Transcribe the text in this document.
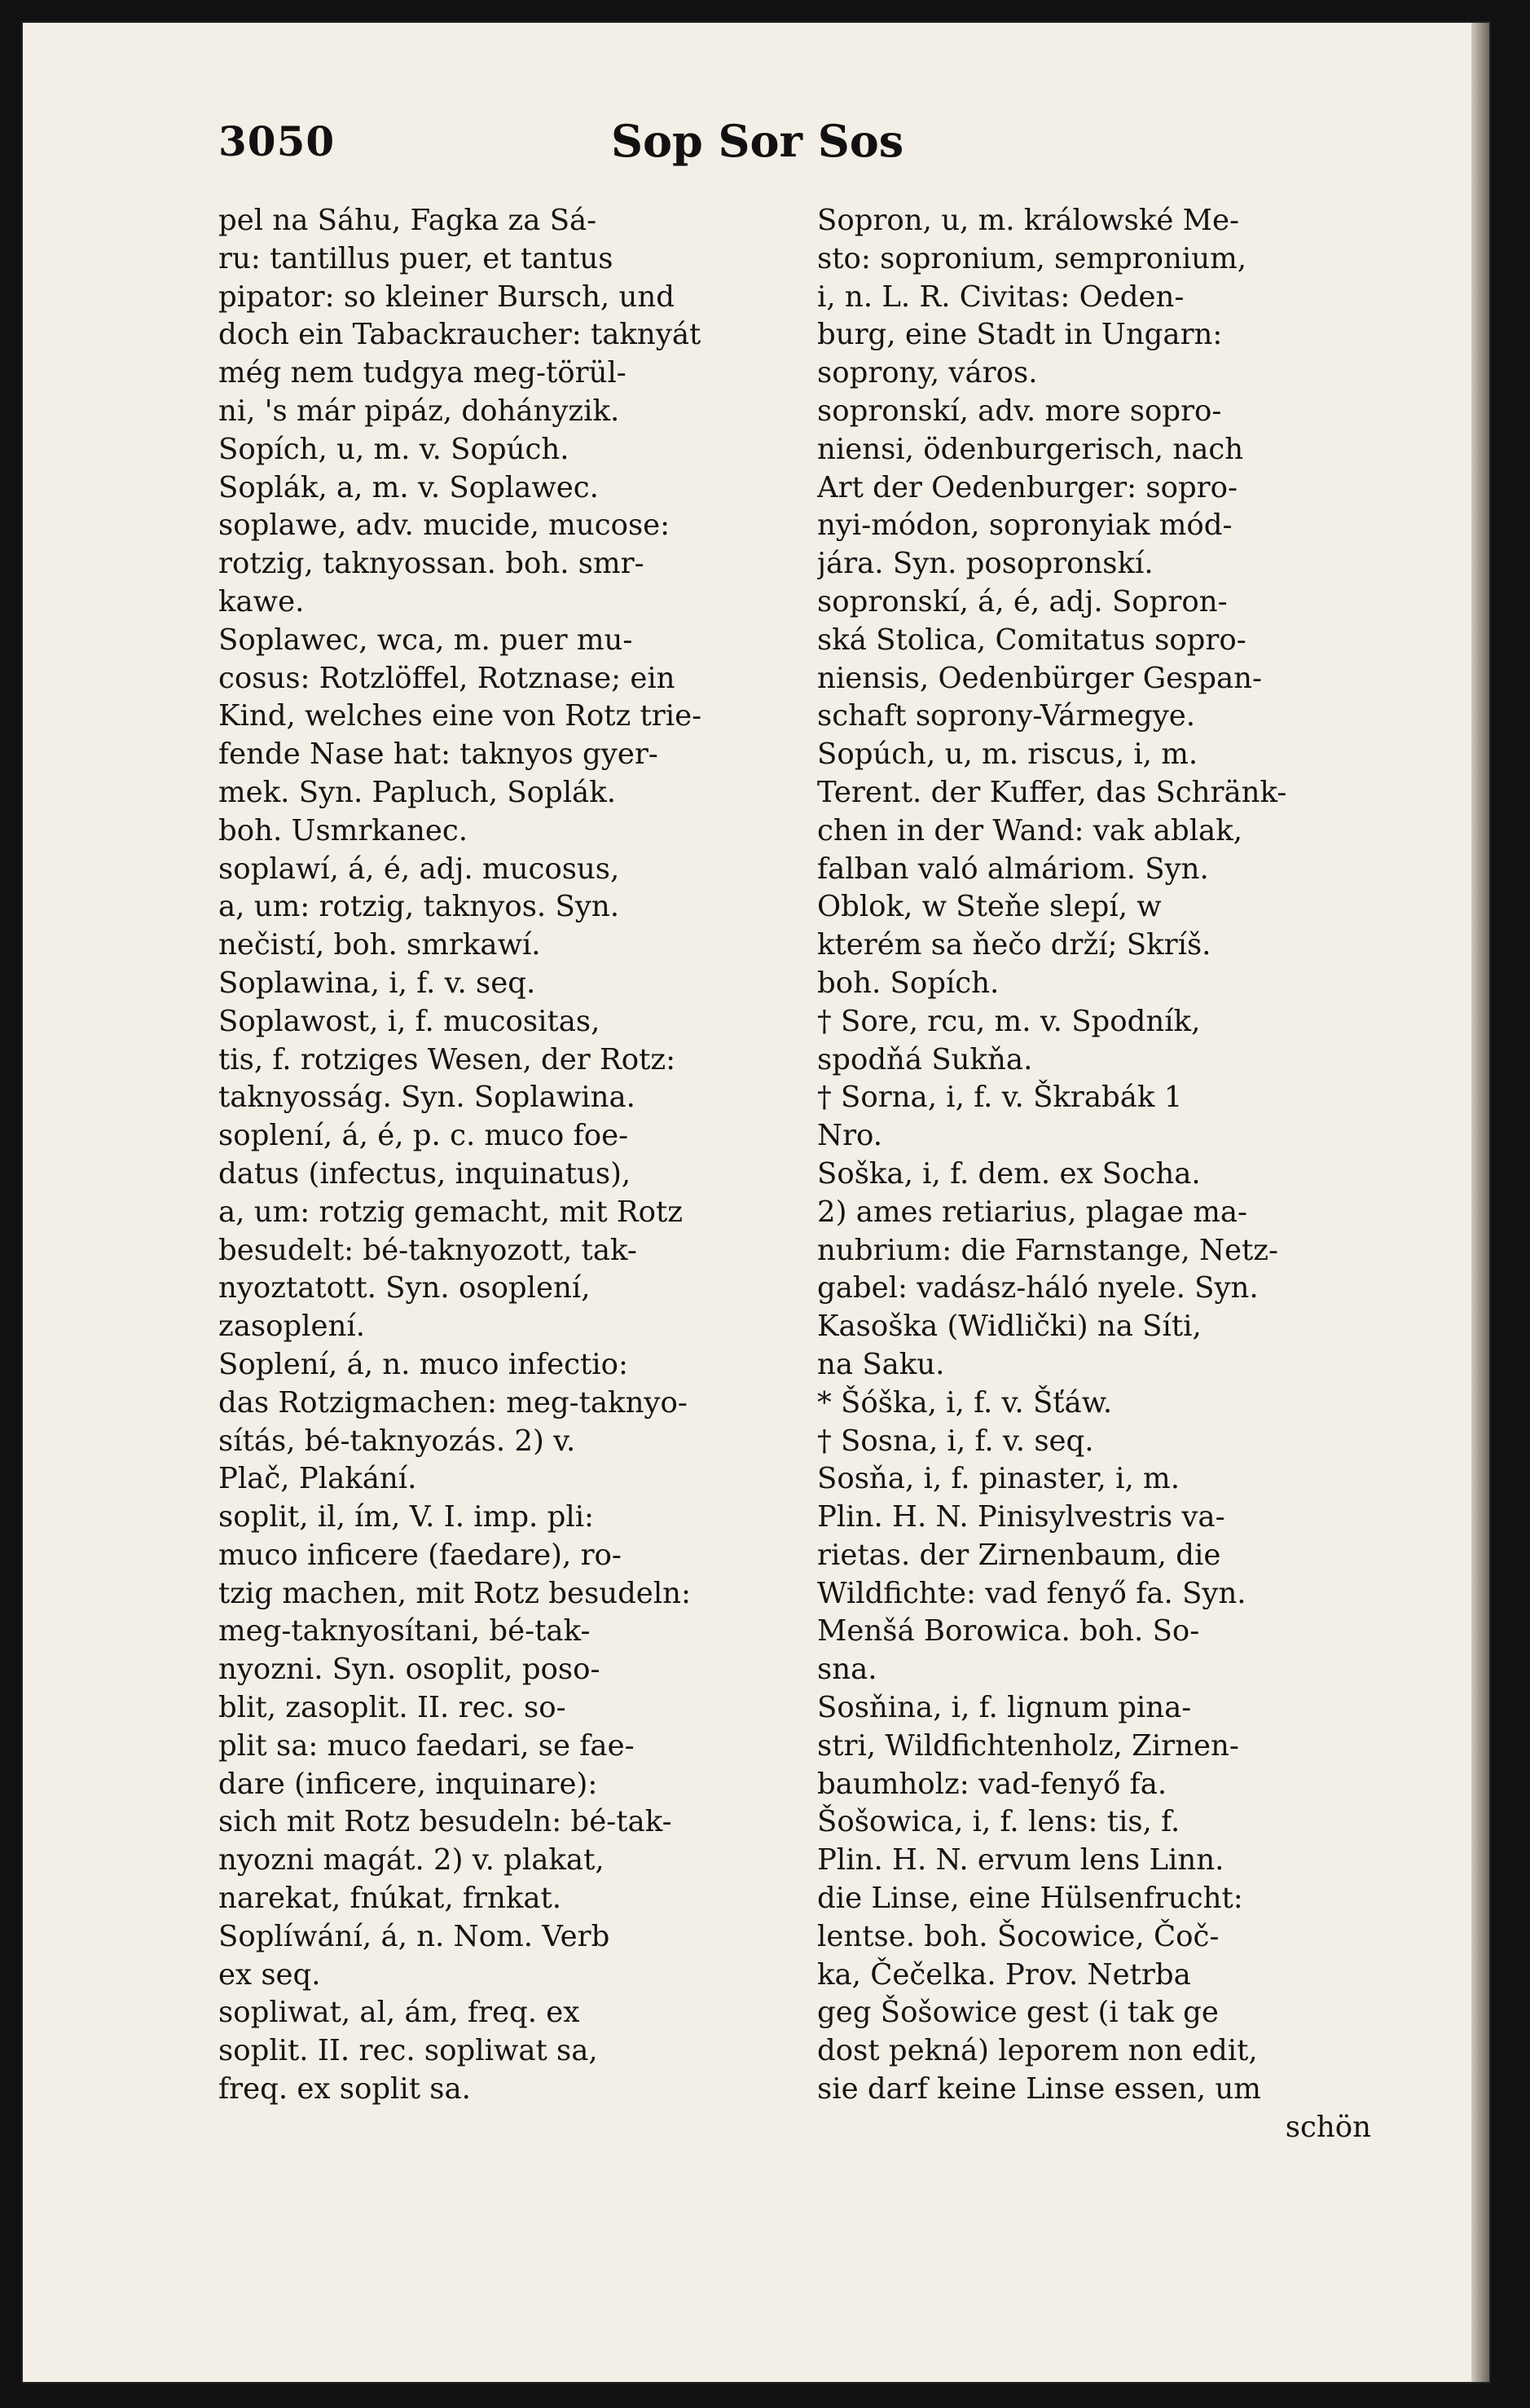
3050	Sop Sor Sos
pel na Sáhu, Fagka za Sá-
ru: tantillus puer, et tantus
pipator: so kleiner Bursch, und
doch ein Tabackraucher: taknyát
még nem tudgya meg-törül-
ni, 's már pipáz, dohányzik.
Sopích, u, m. v. Sopúch.
Soplák, a, m. v. Soplawec.
soplawe, adv. mucide, mucose:
rotzig, taknyossan. boh. smr-
kawe.
Soplawec, wca, m. puer mu-
cosus: Rotzlöffel, Rotznase; ein
Kind, welches eine von Rotz trie-
fende Nase hat: taknyos gyer-
mek. Syn. Papluch, Soplák.
boh. Usmrkanec.
soplawí, á, é, adj. mucosus,
a, um: rotzig, taknyos. Syn.
nečistí, boh. smrkawí.
Soplawina, i, f. v. seq.
Soplawost, i, f. mucositas,
tis, f. rotziges Wesen, der Rotz:
taknyosság. Syn. Soplawina.
soplení, á, é, p. c. muco foe-
datus (infectus, inquinatus),
a, um: rotzig gemacht, mit Rotz
besudelt: bé-taknyozott, tak-
nyoztatott. Syn. osoplení,
zasoplení.
Soplení, á, n. muco infectio:
das Rotzigmachen: meg-taknyo-
sítás, bé-taknyozás. 2) v.
Plač, Plakání.
soplit, il, ím, V. I. imp. pli:
muco inficere (faedare), ro-
tzig machen, mit Rotz besudeln:
meg-taknyosítani, bé-tak-
nyozni. Syn. osoplit, poso-
blit, zasoplit. II. rec. so-
plit sa: muco faedari, se fae-
dare (inficere, inquinare):
sich mit Rotz besudeln: bé-tak-
nyozni magát. 2) v. plakat,
narekat, fnúkat, frnkat.
Soplíwání, á, n. Nom. Verb
ex seq.
sopliwat, al, ám, freq. ex
soplit. II. rec. sopliwat sa,
freq. ex soplit sa.
Sopron, u, m. králowské Me-
sto: sopronium, sempronium,
i, n. L. R. Civitas: Oeden-
burg, eine Stadt in Ungarn:
soprony, város.
sopronskí, adv. more sopro-
niensi, ödenburgerisch, nach
Art der Oedenburger: sopro-
nyi-módon, sopronyiak mód-
jára. Syn. posopronskí.
sopronskí, á, é, adj. Sopron-
ská Stolica, Comitatus sopro-
niensis, Oedenbürger Gespan-
schaft soprony-Vármegye.
Sopúch, u, m. riscus, i, m.
Terent. der Kuffer, das Schränk-
chen in der Wand: vak ablak,
falban való almáriom. Syn.
Oblok, w Steňe slepí, w
kterém sa ňečo drží; Skríš.
boh. Sopích.
† Sore, rcu, m. v. Spodník,
spodňá Sukňa.
† Sorna, i, f. v. Škrabák 1
Nro.
Soška, i, f. dem. ex Socha.
2) ames retiarius, plagae ma-
nubrium: die Farnstange, Netz-
gabel: vadász-háló nyele. Syn.
Kasoška (Widlički) na Síti,
na Saku.
* Šóška, i, f. v. Šťáw.
† Sosna, i, f. v. seq.
Sosňa, i, f. pinaster, i, m.
Plin. H. N. Pinisylvestris va-
rietas. der Zirnenbaum, die
Wildfichte: vad fenyő fa. Syn.
Menšá Borowica. boh. So-
sna.
Sosňina, i, f. lignum pina-
stri, Wildfichtenholz, Zirnen-
baumholz: vad-fenyő fa.
Šošowica, i, f. lens: tis, f.
Plin. H. N. ervum lens Linn.
die Linse, eine Hülsenfrucht:
lentse. boh. Šocowice, Čoč-
ka, Čečelka. Prov. Netrba
geg Šošowice gest (i tak ge
dost pekná) leporem non edit,
sie darf keine Linse essen, um
schön
